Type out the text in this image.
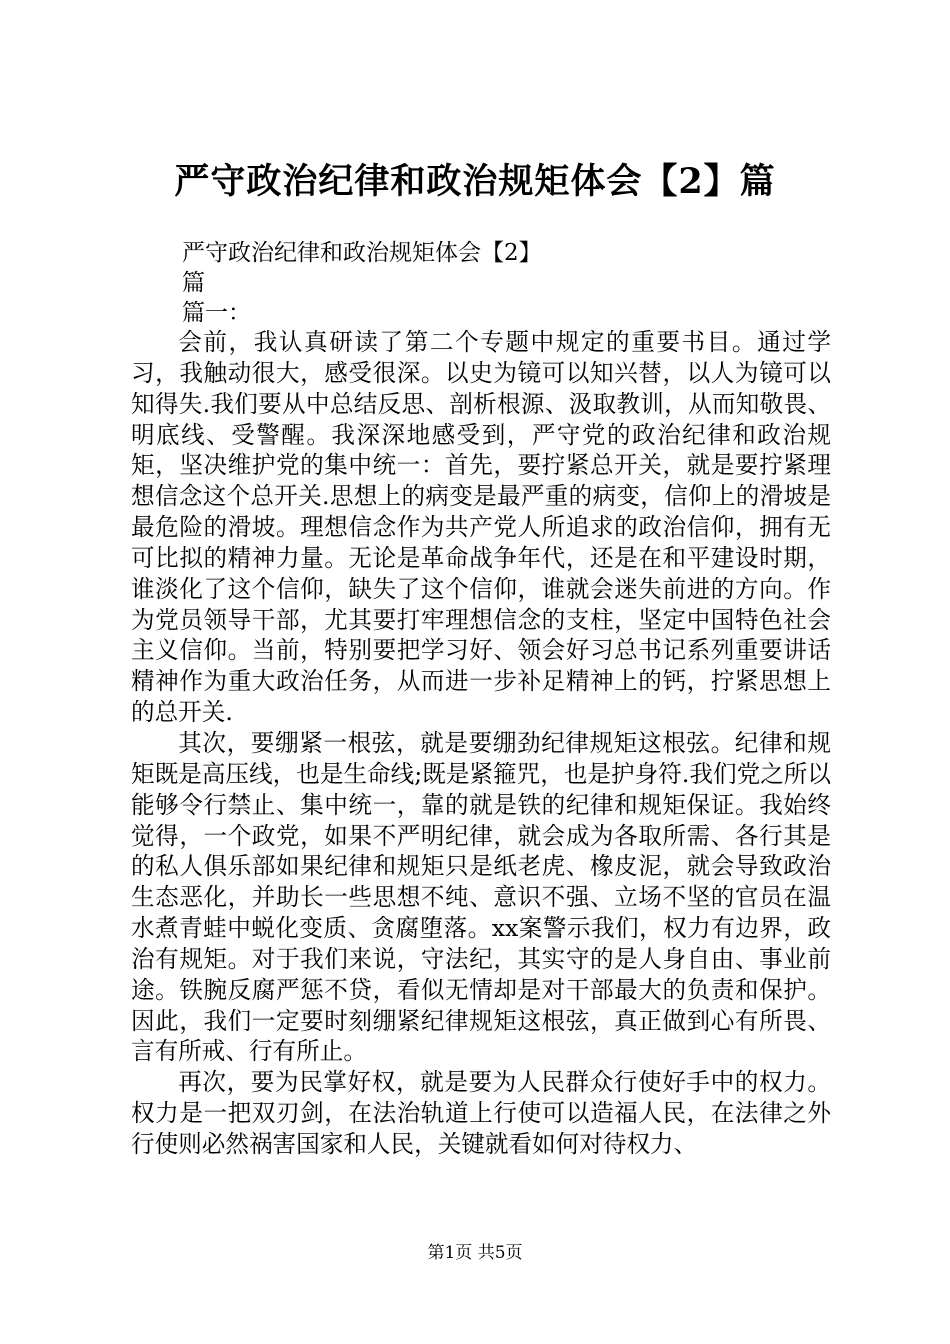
严守政治纪律和政治规矩体会【2】篇
严守政治纪律和政治规矩体会【2】
篇
篇一：

会前，我认真研读了第二个专题中规定的重要书目。通过学习，我触动很大，感受很深。以史为镜可以知兴替，以人为镜可以知得失.我们要从中总结反思、剖析根源、汲取教训，从而知敬畏、明底线、受警醒。我深深地感受到，严守党的政治纪律和政治规矩，坚决维护党的集中统一：首先，要拧紧总开关，就是要拧紧理想信念这个总开关.思想上的病变是最严重的病变，信仰上的滑坡是最危险的滑坡。理想信念作为共产党人所追求的政治信仰，拥有无可比拟的精神力量。无论是革命战争年代，还是在和平建设时期，谁淡化了这个信仰，缺失了这个信仰，谁就会迷失前进的方向。作为党员领导干部，尤其要打牢理想信念的支柱，坚定中国特色社会主义信仰。当前，特别要把学习好、领会好习总书记系列重要讲话精神作为重大政治任务，从而进一步补足精神上的钙，拧紧思想上的总开关.

其次，要绷紧一根弦，就是要绷劲纪律规矩这根弦。纪律和规矩既是高压线，也是生命线;既是紧箍咒，也是护身符.我们党之所以能够令行禁止、集中统一，靠的就是铁的纪律和规矩保证。我始终觉得，一个政党，如果不严明纪律，就会成为各取所需、各行其是的私人俱乐部如果纪律和规矩只是纸老虎、橡皮泥，就会导致政治生态恶化，并助长一些思想不纯、意识不强、立场不坚的官员在温水煮青蛙中蜕化变质、贪腐堕落。xx案警示我们，权力有边界，政治有规矩。对于我们来说，守法纪，其实守的是人身自由、事业前途。铁腕反腐严惩不贷，看似无情却是对干部最大的负责和保护。因此，我们一定要时刻绷紧纪律规矩这根弦，真正做到心有所畏、言有所戒、行有所止。

再次，要为民掌好权，就是要为人民群众行使好手中的权力。权力是一把双刃剑，在法治轨道上行使可以造福人民，在法律之外行使则必然祸害国家和人民，关键就看如何对待权力、

第1页 共5页
